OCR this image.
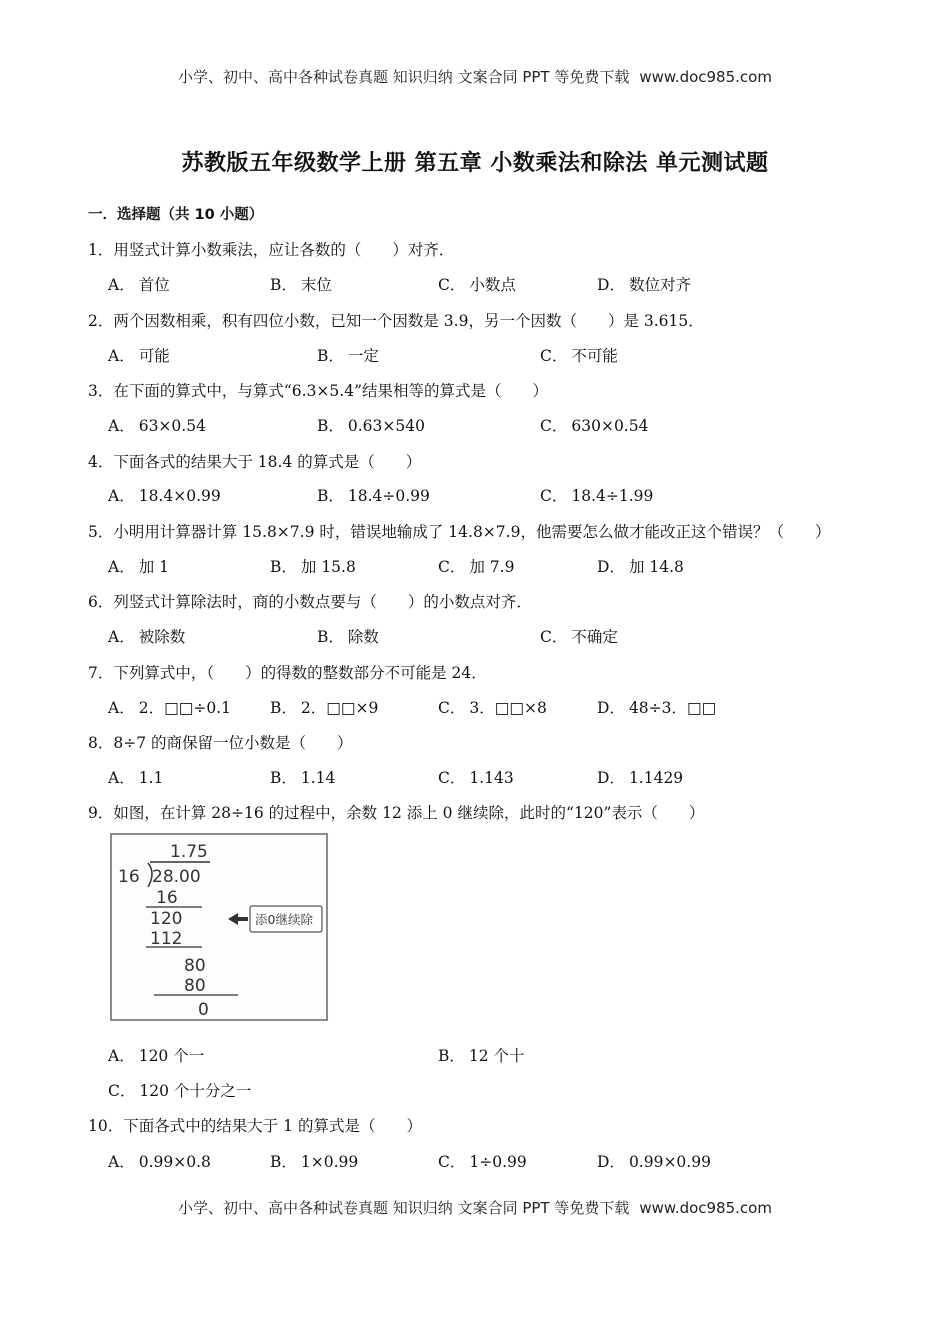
小学、初中、高中各种试卷真题 知识归纳 文案合同 PPT 等免费下载 www.doc985.com
苏教版五年级数学上册 第五章 小数乘法和除法 单元测试题
一．选择题（共 10 小题）
1．用竖式计算小数乘法，应让各数的（　　）对齐．
A． 首位	B． 末位	C． 小数点	D． 数位对齐
2．两个因数相乘，积有四位小数，已知一个因数是 3.9，另一个因数（　　）是 3.615．
A． 可能	B． 一定	C． 不可能
3．在下面的算式中，与算式“6.3×5.4”结果相等的算式是（　　）
A． 63×0.54	B． 0.63×540	C． 630×0.54
4．下面各式的结果大于 18.4 的算式是（　　）
A． 18.4×0.99	B． 18.4÷0.99	C． 18.4÷1.99
5．小明用计算器计算 15.8×7.9 时，错误地输成了 14.8×7.9，他需要怎么做才能改正这个错误？（　　）
A． 加 1	B． 加 15.8	C． 加 7.9	D． 加 14.8
6．列竖式计算除法时，商的小数点要与（　　）的小数点对齐．
A． 被除数	B． 除数	C． 不确定
7．下列算式中，（　　）的得数的整数部分不可能是 24．
A． 2．□□÷0.1	B． 2．□□×9	C． 3．□□×8	D． 48÷3．□□
8．8÷7 的商保留一位小数是（　　）
A． 1.1	B． 1.14	C． 1.143	D． 1.1429
9．如图，在计算 28÷16 的过程中，余数 12 添上 0 继续除，此时的“120”表示（　　）
1.75
16 28.00
16
120
112
80
80
0
添0继续除
A． 120 个一	B． 12 个十
C． 120 个十分之一
10．下面各式中的结果大于 1 的算式是（　　）
A． 0.99×0.8	B． 1×0.99	C． 1÷0.99	D． 0.99×0.99
小学、初中、高中各种试卷真题 知识归纳 文案合同 PPT 等免费下载 www.doc985.com
